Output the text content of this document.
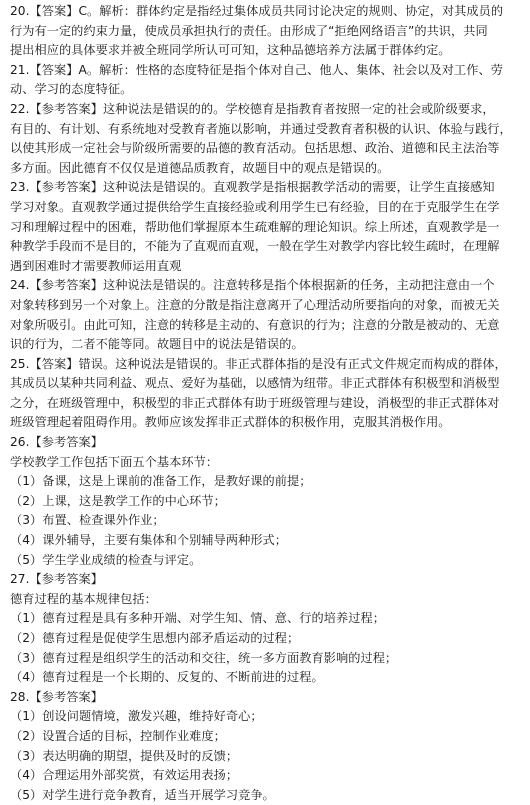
20.【答案】C。解析：群体约定是指经过集体成员共同讨论决定的规则、协定，对其成员的
行为有一定的约束力量，使成员承担执行的责任。由形成了“拒绝网络语言”的共识，共同
提出相应的具体要求并被全班同学所认可可知，这种品德培养方法属于群体约定。
21.【答案】A。解析：性格的态度特征是指个体对自己、他人、集体、社会以及对工作、劳
动、学习的态度特征。
22.【参考答案】这种说法是错误的的。学校德育是指教育者按照一定的社会或阶级要求，
有目的、有计划、有系统地对受教育者施以影响，并通过受教育者积极的认识、体验与践行，
以使其形成一定社会与阶级所需要的品德的教育活动。包括思想、政治、道德和民主法治等
多方面。因此德育不仅仅是道德品质教育，故题目中的观点是错误的。
23.【参考答案】这种说法是错误的。直观教学是指根据教学活动的需要，让学生直接感知
学习对象。直观教学通过提供给学生直接经验或利用学生已有经验，目的在于克服学生在学
习和理解过程中的困难，帮助他们掌握原本生疏难解的理论知识。综上所述，直观教学是一
种教学手段而不是目的，不能为了直观而直观，一般在学生对教学内容比较生疏时，在理解
遇到困难时才需要教师运用直观
24.【参考答案】这种说法是错误的。注意转移是指个体根据新的任务，主动把注意由一个
对象转移到另一个对象上。注意的分散是指注意离开了心理活动所要指向的对象，而被无关
对象所吸引。由此可知，注意的转移是主动的、有意识的行为；注意的分散是被动的、无意
识的行为，二者不能等同。故题目中的说法是错误的。
25.【答案】错误。这种说法是错误的。非正式群体指的是没有正式文件规定而构成的群体，
其成员以某种共同利益、观点、爱好为基础，以感情为纽带。非正式群体有积极型和消极型
之分，在班级管理中，积极型的非正式群体有助于班级管理与建设，消极型的非正式群体对
班级管理起着阻碍作用。教师应该发挥非正式群体的积极作用，克服其消极作用。
26.【参考答案】
学校教学工作包括下面五个基本环节：
（1）备课，这是上课前的准备工作，是教好课的前提；
（2）上课，这是教学工作的中心环节；
（3）布置、检查课外作业；
（4）课外辅导，主要有集体和个别辅导两种形式；
（5）学生学业成绩的检查与评定。
27.【参考答案】
德育过程的基本规律包括：
（1）德育过程是具有多种开端、对学生知、情、意、行的培养过程；
（2）德育过程是促使学生思想内部矛盾运动的过程；
（3）德育过程是组织学生的活动和交往，统一多方面教育影响的过程；
（4）德育过程是一个长期的、反复的、不断前进的过程。
28.【参考答案】
（1）创设问题情境，激发兴趣，维持好奇心；
（2）设置合适的目标，控制作业难度；
（3）表达明确的期望，提供及时的反馈；
（4）合理运用外部奖赏，有效运用表扬；
（5）对学生进行竞争教育，适当开展学习竞争。
